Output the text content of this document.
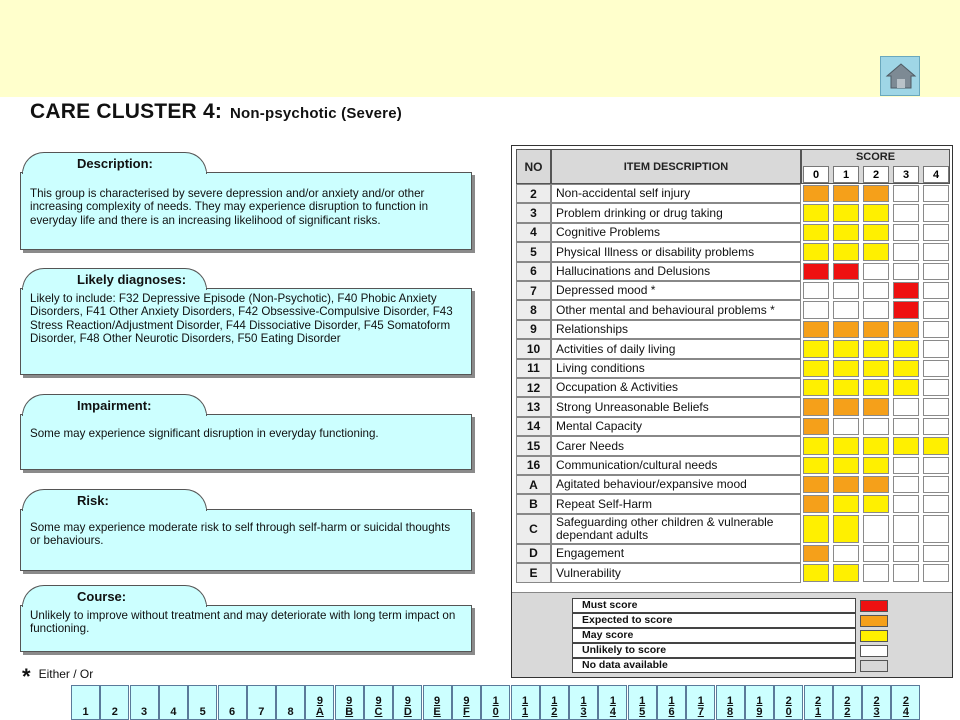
CARE CLUSTER 4: Non-psychotic (Severe)
Description:
This group is characterised by severe depression and/or anxiety and/or other increasing complexity of needs. They may experience disruption to function in everyday life and there is an increasing likelihood of significant risks.
Likely diagnoses:
Likely to include: F32 Depressive Episode (Non-Psychotic), F40 Phobic Anxiety Disorders, F41 Other Anxiety Disorders, F42 Obsessive-Compulsive Disorder, F43 Stress Reaction/Adjustment Disorder, F44 Dissociative Disorder, F45 Somatoform Disorder, F48 Other Neurotic Disorders, F50 Eating Disorder
Impairment:
Some may experience significant disruption in everyday functioning.
Risk:
Some may experience moderate risk to self through self-harm or suicidal thoughts or behaviours.
Course:
Unlikely to improve without treatment and may deteriorate with long term impact on functioning.
* Either / Or
NO	ITEM DESCRIPTION
SCORE
0	1	2	3	4
2	Non-accidental self injury
3	Problem drinking or drug taking
4	Cognitive Problems
5	Physical Illness or disability problems
6	Hallucinations and Delusions
7	Depressed mood *
8	Other mental and behavioural problems *
9	Relationships
10	Activities of daily living
11	Living conditions
12	Occupation & Activities
13	Strong Unreasonable Beliefs
14	Mental Capacity
15	Carer Needs
16	Communication/cultural needs
A	Agitated behaviour/expansive mood
B	Repeat Self-Harm
C	Safeguarding other children & vulnerable dependant adults
D	Engagement
E	Vulnerability
Must score
Expected to score
May score
Unlikely to score
No data available
1	2	3	4	5	6	7	8
9
A
9
B
9
C
9
D
9
E
9
F
1
0
1
1
1
2
1
3
1
4
1
5
1
6
1
7
1
8
1
9
2
0
2
1
2
2
2
3
2
4
